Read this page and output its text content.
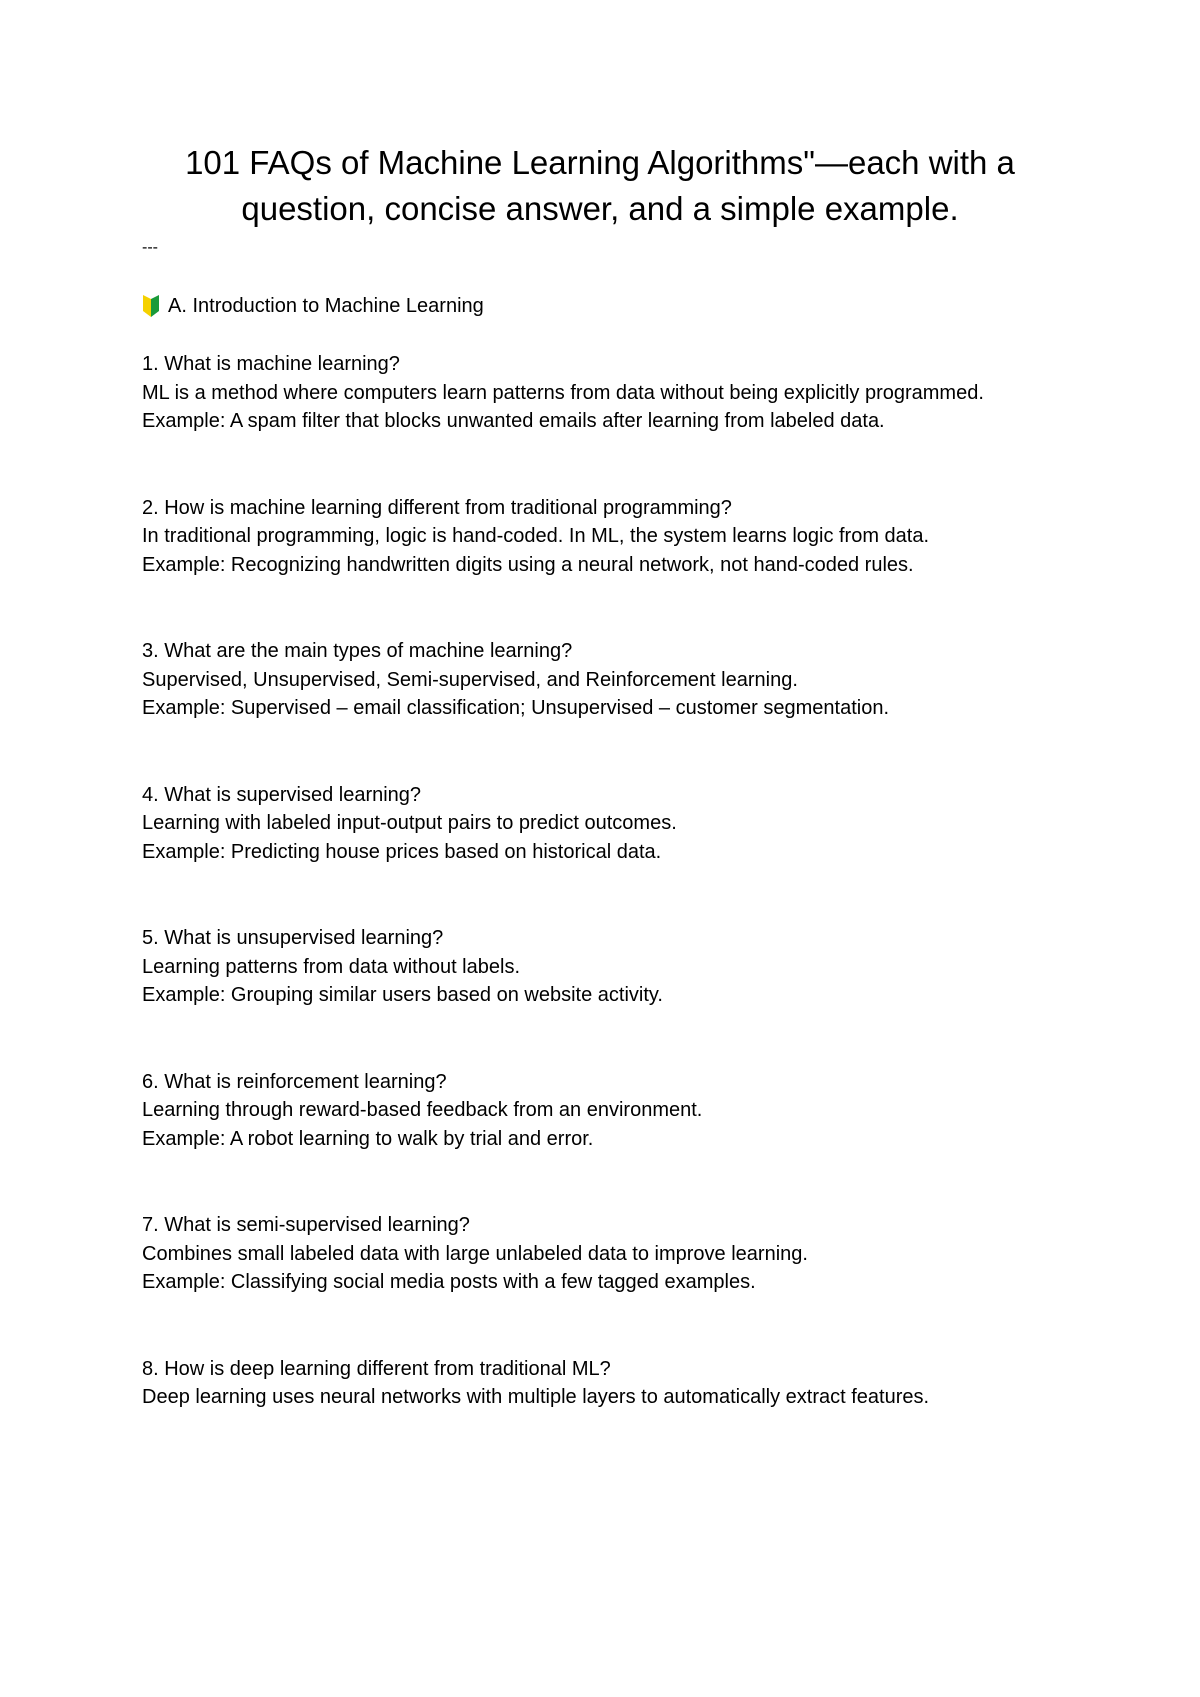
101 FAQs of Machine Learning Algorithms"—each with a question, concise answer, and a simple example.
---
A. Introduction to Machine Learning
1. What is machine learning?
ML is a method where computers learn patterns from data without being explicitly programmed.
Example: A spam filter that blocks unwanted emails after learning from labeled data.
2. How is machine learning different from traditional programming?
In traditional programming, logic is hand-coded. In ML, the system learns logic from data.
Example: Recognizing handwritten digits using a neural network, not hand-coded rules.
3. What are the main types of machine learning?
Supervised, Unsupervised, Semi-supervised, and Reinforcement learning.
Example: Supervised – email classification; Unsupervised – customer segmentation.
4. What is supervised learning?
Learning with labeled input-output pairs to predict outcomes.
Example: Predicting house prices based on historical data.
5. What is unsupervised learning?
Learning patterns from data without labels.
Example: Grouping similar users based on website activity.
6. What is reinforcement learning?
Learning through reward-based feedback from an environment.
Example: A robot learning to walk by trial and error.
7. What is semi-supervised learning?
Combines small labeled data with large unlabeled data to improve learning.
Example: Classifying social media posts with a few tagged examples.
8. How is deep learning different from traditional ML?
Deep learning uses neural networks with multiple layers to automatically extract features.
